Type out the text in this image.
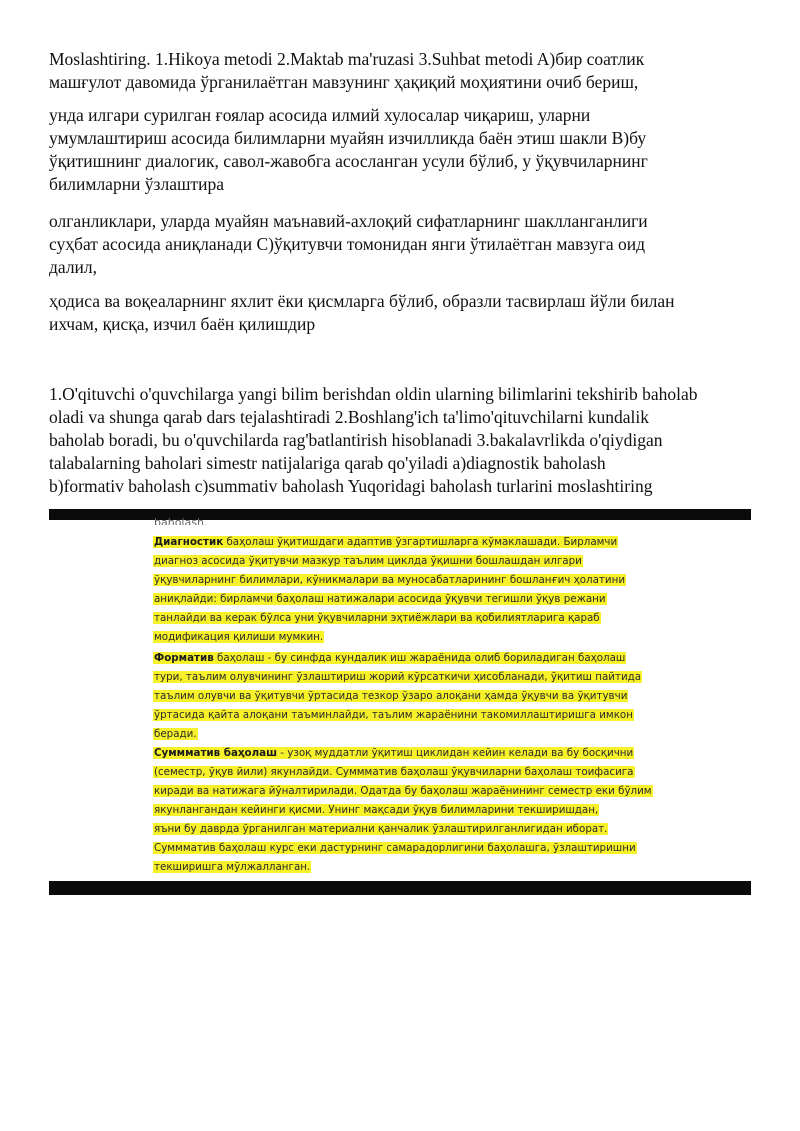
Moslashtiring. 1.Hikoya metodi 2.Maktab ma'ruzasi 3.Suhbat metodi A)бир соатлик

машғулот давомида ўрганилаётган мавзунинг ҳақиқий моҳиятини очиб бериш,

унда илгари сурилган ғоялар асосида илмий хулосалар чиқариш, уларни

умумлаштириш асосида билимларни муайян изчилликда баён этиш шакли B)бу

ўқитишнинг диалогик, савол-жавобга асосланган усули бўлиб, у ўқувчиларнинг

билимларни ўзлаштира

олганликлари, уларда муайян маънавий-ахлоқий сифатларнинг шаклланганлиги

суҳбат асосида аниқланади C)ўқитувчи томонидан янги ўтилаётган мавзуга оид

далил,

ҳодиса ва воқеаларнинг яхлит ёки қисмларга бўлиб, образли тасвирлаш йўли билан

ихчам, қисқа, изчил баён қилишдир

1.O'qituvchi o'quvchilarga yangi bilim berishdan oldin ularning bilimlarini tekshirib baholab

oladi va shunga qarab dars tejalashtiradi 2.Boshlang'ich ta'limo'qituvchilarni kundalik

baholab boradi, bu o'quvchilarda rag'batlantirish hisoblanadi 3.bakalavrlikda o'qiydigan

talabalarning baholari simestr natijalariga qarab qo'yiladi a)diagnostik baholash

b)formativ baholash c)summativ baholash Yuqoridagi baholash turlarini moslashtiring

baholash.
Диагностик баҳолаш ўқитишдаги адаптив ўзгартишларга кўмаклашади. Бирламчи
диагноз асосида ўқитувчи мазкур таълим циклда ўқишни бошлашдан илгари
ўқувчиларнинг билимлари, кўникмалари ва муносабатларининг бошланғич ҳолатини
аниқлайди: бирламчи баҳолаш натижалари асосида ўқувчи тегишли ўқув режани
танлайди ва керак бўлса уни ўқувчиларни эҳтиёжлари ва қобилиятларига қараб
модификация қилиши мумкин.
Форматив баҳолаш - бу синфда кундалик иш жараёнида олиб бориладиган баҳолаш
тури, таълим олувчининг ўзлаштириш жорий кўрсаткичи ҳисобланади, ўқитиш пайтида
таълим олувчи ва ўқитувчи ўртасида тезкор ўзаро алоқани ҳамда ўқувчи ва ўқитувчи
ўртасида қайта алоқани таъминлайди, таълим жараёнини такомиллаштиришга имкон
беради.
Суммматив баҳолаш - узоқ муддатли ўқитиш циклидан кейин келади ва бу босқични
(семестр, ўқув йили) якунлайди. Суммматив баҳолаш ўқувчиларни баҳолаш тоифасига
киради ва натижага йўналтирилади. Одатда бу баҳолаш жараёнининг семестр еки бўлим
якунлангандан кейинги қисми. Унинг мақсади ўқув билимларини текширишдан,
яъни бу даврда ўрганилган материални қанчалик ўзлаштирилганлигидан иборат.
Суммматив баҳолаш курс еки дастурнинг самарадорлигини баҳолашга, ўзлаштиришни
текширишга мўлжалланган.
